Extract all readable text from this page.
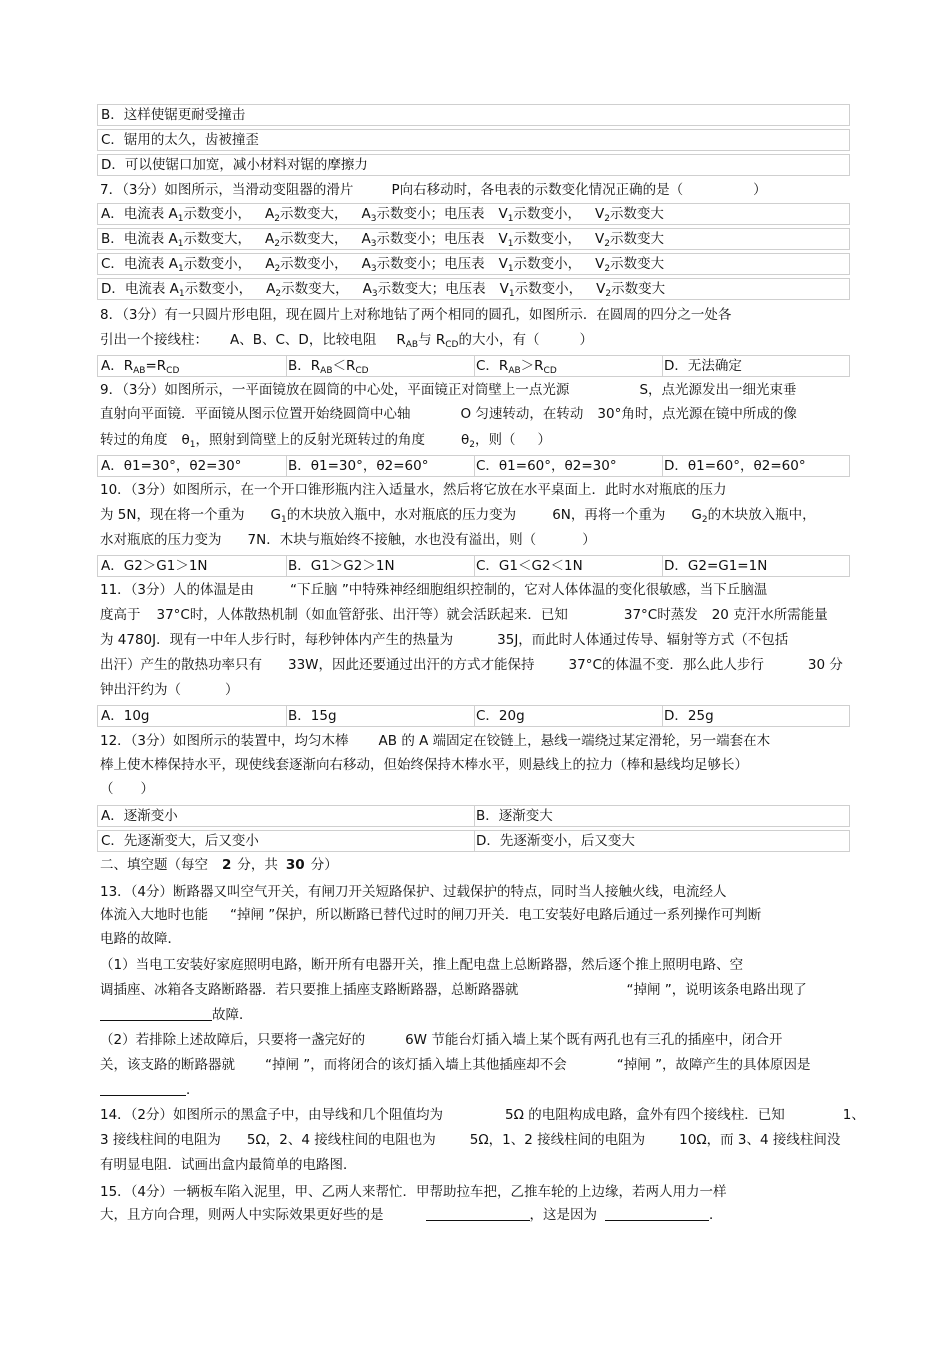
B．这样使锯更耐受撞击
C．锯用的太久，齿被撞歪
D．可以使锯口加宽，减小材料对锯的摩擦力
7．（3分）如图所示，当滑动变阻器的滑片	P向右移动时，各电表的示数变化情况正确的是（	）
A．电流表 $A_1$示数变小， $A_2$示数变大， $A_3$示数变小；电压表 $V_1$示数变小， $V_2$示数变大
B．电流表 $A_1$示数变大， $A_2$示数变大， $A_3$示数变小；电压表 $V_1$示数变小， $V_2$示数变大
C．电流表 $A_1$示数变小， $A_2$示数变小， $A_3$示数变小；电压表 $V_1$示数变小， $V_2$示数变大
D．电流表 $A_1$示数变小， $A_2$示数变大， $A_3$示数变大；电压表 $V_1$示数变小， $V_2$示数变大
8．（3分）有一只圆片形电阻，现在圆片上对称地钻了两个相同的圆孔，如图所示．在圆周的四分之一处各
引出一个接线柱： A、B、C、D，比较电阻 $R_{AB}$与 $R_{CD}$的大小，有（	）
A．$R_{AB}=R_{CD}$	B．$R_{AB}<R_{CD}$	C．$R_{AB}>R_{CD}$	D．无法确定
9．（3分）如图所示，一平面镜放在圆筒的中心处，平面镜正对筒壁上一点光源	S，点光源发出一细光束垂
直射向平面镜．平面镜从图示位置开始绕圆筒中心轴	O 匀速转动，在转动 30°角时，点光源在镜中所成的像
转过的角度 $\theta_1$，照射到筒壁上的反射光斑转过的角度	$\theta_2$，则（ ）
A．θ1=30°，θ2=30°	B．θ1=30°，θ2=60°	C．θ1=60°，θ2=30°	D．θ1=60°，θ2=60°
10．（3分）如图所示，在一个开口锥形瓶内注入适量水，然后将它放在水平桌面上．此时水对瓶底的压力
为 5N，现在将一个重为 $G_1$的木块放入瓶中，水对瓶底的压力变为	6N，再将一个重为 $G_2$的木块放入瓶中，
水对瓶底的压力变为 7N．木块与瓶始终不接触，水也没有溢出，则（	）
A．G2＞G1＞1N	B．G1＞G2＞1N	C．G1＜G2＜1N	D．G2=G1=1N
11．（3分）人的体温是由	“下丘脑 ”中特殊神经细胞组织控制的，它对人体体温的变化很敏感，当下丘脑温
度高于 37°C时，人体散热机制（如血管舒张、出汗等）就会活跃起来．已知	37°C时蒸发 20 克汗水所需能量
为 4780J．现有一中年人步行时，每秒钟体内产生的热量为	35J，而此时人体通过传导、辐射等方式（不包括
出汗）产生的散热功率只有 33W，因此还要通过出汗的方式才能保持	37°C的体温不变．那么此人步行	30 分
钟出汗约为（	）
A．10g	B．15g	C．20g	D．25g
12．（3分）如图所示的装置中，均匀木棒 AB 的 A 端固定在铰链上，悬线一端绕过某定滑轮，另一端套在木
棒上使木棒保持水平，现使线套逐渐向右移动，但始终保持木棒水平，则悬线上的拉力（棒和悬线均足够长）
（　　）
A．逐渐变小	B．逐渐变大
C．先逐渐变大，后又变小	D．先逐渐变小，后又变大
二、填空题（每空 2 分，共 30 分）
13．（4分）断路器又叫空气开关，有闸刀开关短路保护、过载保护的特点，同时当人接触火线，电流经人
体流入大地时也能 “掉闸 ”保护，所以断路已替代过时的闸刀开关．电工安装好电路后通过一系列操作可判断
电路的故障．
（1）当电工安装好家庭照明电路，断开所有电器开关，推上配电盘上总断路器，然后逐个推上照明电路、空
调插座、冰箱各支路断路器．若只要推上插座支路断路器，总断路器就	“掉闸 ”，说明该条电路出现了
故障．
（2）若排除上述故障后，只要将一盏完好的	6W 节能台灯插入墙上某个既有两孔也有三孔的插座中，闭合开
关，该支路的断路器就 “掉闸 ”，而将闭合的该灯插入墙上其他插座却不会	“掉闸 ”，故障产生的具体原因是
．
14．（2分）如图所示的黑盒子中，由导线和几个阻值均为	5Ω 的电阻构成电路，盒外有四个接线柱．已知	1、
3 接线柱间的电阻为 5Ω，2、4 接线柱间的电阻也为	5Ω，1、2 接线柱间的电阻为	10Ω，而 3、4 接线柱间没
有明显电阻．试画出盒内最简单的电路图．
15．（4分）一辆板车陷入泥里，甲、乙两人来帮忙．甲帮助拉车把，乙推车轮的上边缘，若两人用力一样
大，且方向合理，则两人中实际效果更好些的是	，这是因为	．
